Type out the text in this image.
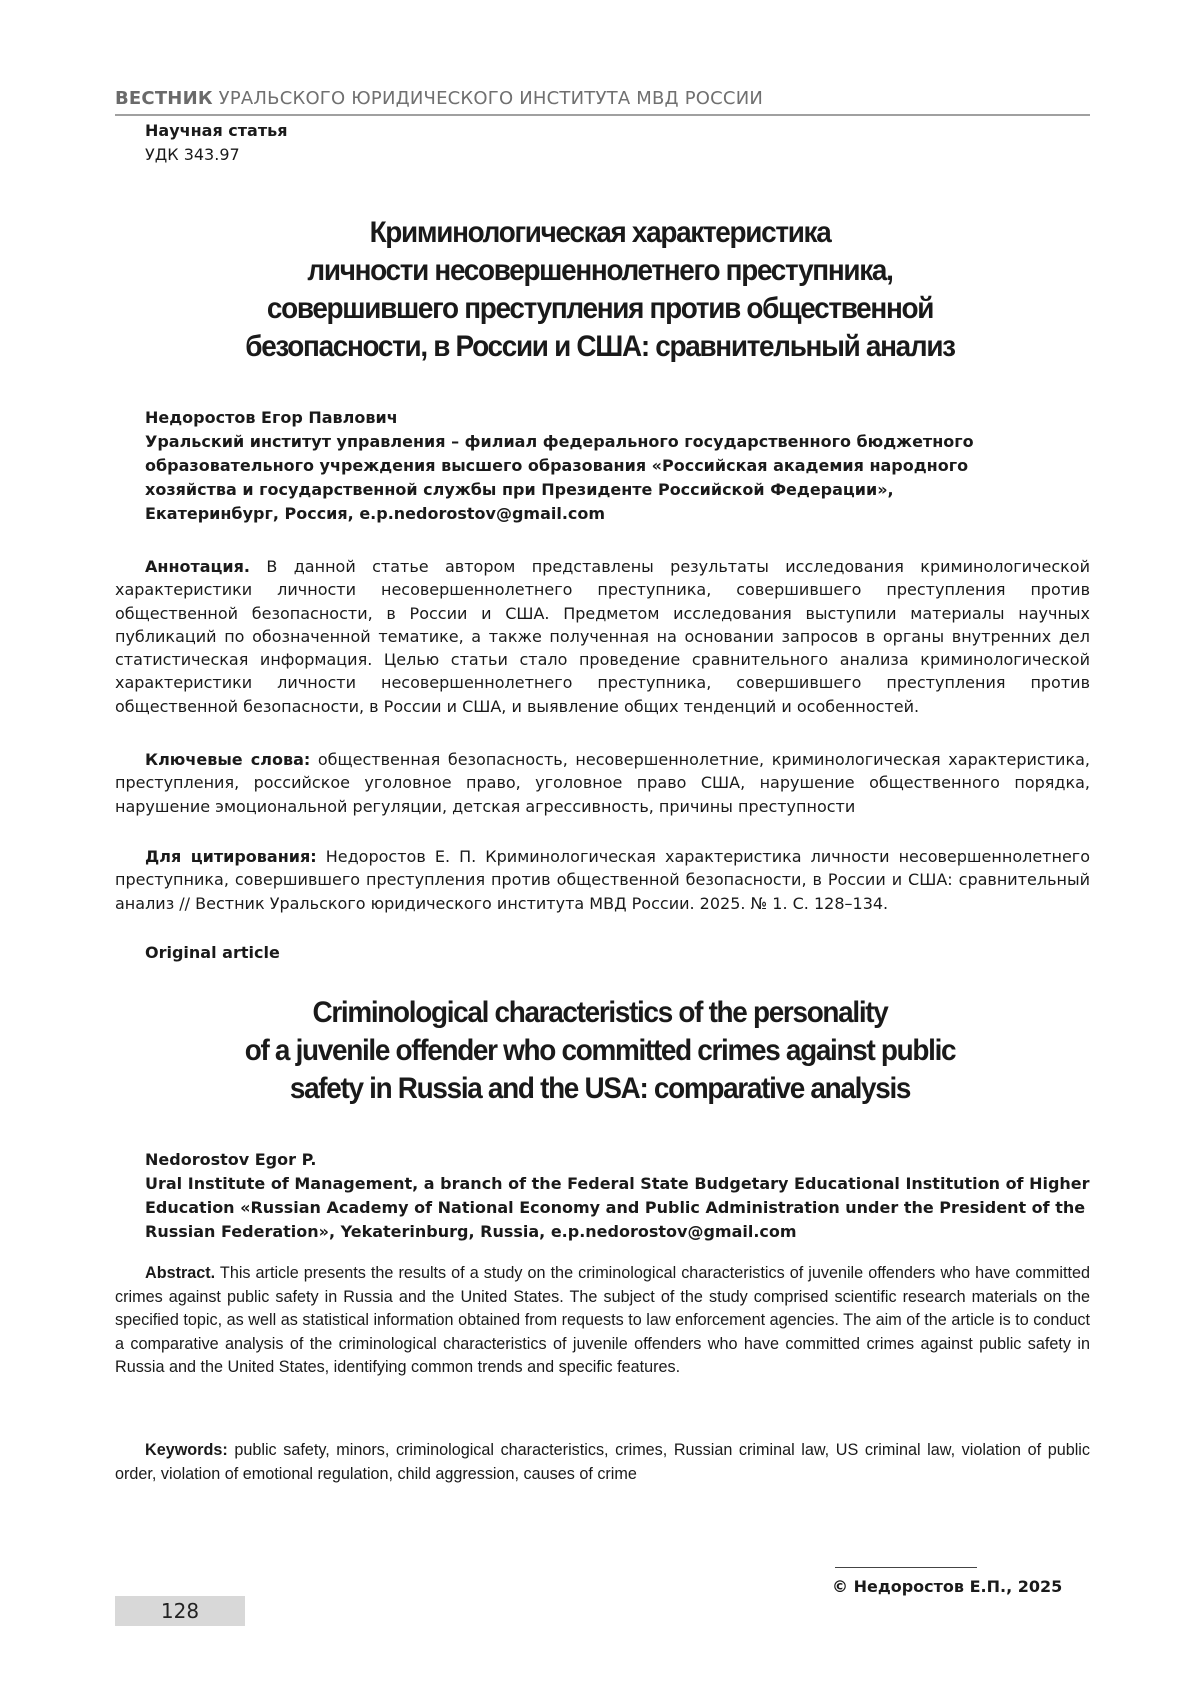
ВЕСТНИК УРАЛЬСКОГО ЮРИДИЧЕСКОГО ИНСТИТУТА МВД РОССИИ
Научная статья
УДК 343.97
Криминологическая характеристика
личности несовершеннолетнего преступника,
совершившего преступления против общественной
безопасности, в России и США: сравнительный анализ
Недоростов Егор Павлович
Уральский институт управления – филиал федерального государственного бюджетного
образовательного учреждения высшего образования «Российская академия народного
хозяйства и государственной службы при Президенте Российской Федерации»,
Екатеринбург, Россия, e.p.nedorostov@gmail.com
Аннотация. В данной статье автором представлены результаты исследования криминологической характеристики личности несовершеннолетнего преступника, совершившего преступления против общественной безопасности, в России и США. Предметом исследования выступили материалы научных публикаций по обозначенной тематике, а также полученная на основании запросов в органы внутренних дел статистическая информация. Целью статьи стало проведение сравнительного анализа криминологической характеристики личности несовершеннолетнего преступника, совершившего преступления против общественной безопасности, в России и США, и выявление общих тенденций и особенностей.
Ключевые слова: общественная безопасность, несовершеннолетние, криминологическая характеристика, преступления, российское уголовное право, уголовное право США, нарушение общественного порядка, нарушение эмоциональной регуляции, детская агрессивность, причины преступности
Для цитирования: Недоростов Е. П. Криминологическая характеристика личности несовершеннолетнего преступника, совершившего преступления против общественной безопасности, в России и США: сравнительный анализ // Вестник Уральского юридического института МВД России. 2025. № 1. С. 128–134.
Original article
Criminological characteristics of the personality
of a juvenile offender who committed crimes against public
safety in Russia and the USA: comparative analysis
Nedorostov Egor P.
Ural Institute of Management, a branch of the Federal State Budgetary Educational Institution of Higher
Education «Russian Academy of National Economy and Public Administration under the President of the
Russian Federation», Yekaterinburg, Russia, e.p.nedorostov@gmail.com
Abstract. This article presents the results of a study on the criminological characteristics of juvenile offenders who have committed crimes against public safety in Russia and the United States. The subject of the study comprised scientific research materials on the specified topic, as well as statistical information obtained from requests to law enforcement agencies. The aim of the article is to conduct a comparative analysis of the criminological characteristics of juvenile offenders who have committed crimes against public safety in Russia and the United States, identifying common trends and specific features.
Keywords: public safety, minors, criminological characteristics, crimes, Russian criminal law, US criminal law, violation of public order, violation of emotional regulation, child aggression, causes of crime
© Недоростов Е.П., 2025
128
